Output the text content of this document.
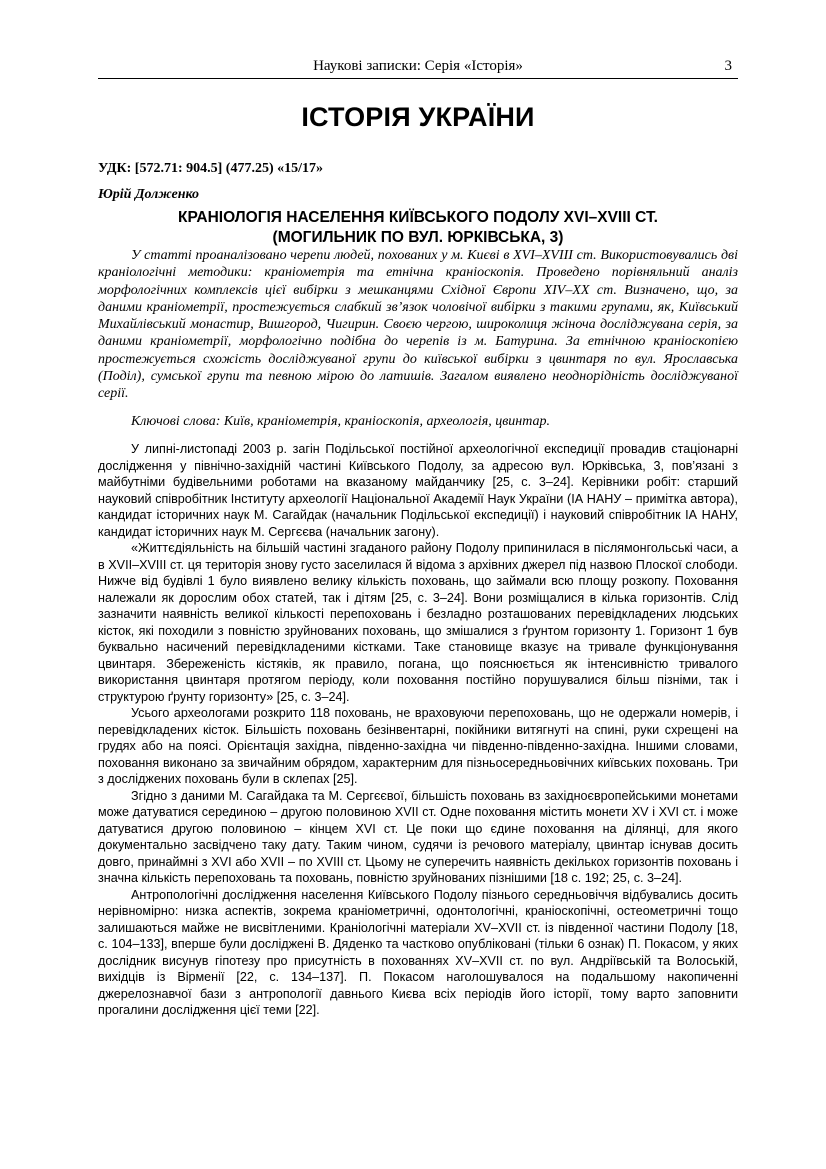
Наукові записки: Серія «Історія»	3
ІСТОРІЯ УКРАЇНИ
УДК: [572.71: 904.5] (477.25) «15/17»
Юрій Долженко
КРАНІОЛОГІЯ НАСЕЛЕННЯ КИЇВСЬКОГО ПОДОЛУ XVI–XVIII СТ.
(МОГИЛЬНИК ПО ВУЛ. ЮРКІВСЬКА, 3)

У статті проаналізовано черепи людей, похованих у м. Києві в XVI–XVIII ст. Використовувались дві краніологічні методики: краніометрія та етнічна краніоскопія. Проведено порівняльний аналіз морфологічних комплексів цієї вибірки з мешканцями Східної Європи XIV–XX ст. Визначено, що, за даними краніометрії, простежується слабкий зв’язок чоловічої вибірки з такими групами, як, Київський Михайлівський монастир, Вишгород, Чигирин. Своєю чергою, широколиця жіноча досліджувана серія, за даними краніометрії, морфологічно подібна до черепів із м. Батурина. За етнічною краніоскопією простежується схожість досліджуваної групи до київської вибірки з цвинтаря по вул. Ярославська (Поділ), сумської групи та певною мірою до латишів. Загалом виявлено неоднорідність досліджуваної серії.

Ключові слова: Київ, краніометрія, краніоскопія, археологія, цвинтар.

У липні-листопаді 2003 р. загін Подільської постійної археологічної експедиції провадив стаціонарні дослідження у північно-західній частині Київського Подолу, за адресою вул. Юрківська, 3, пов’язані з майбутніми будівельними роботами на вказаному майданчику [25, с. 3–24]. Керівники робіт: старший науковий співробітник Інституту археології Національної Академії Наук України (ІА НАНУ – примітка автора), кандидат історичних наук М. Сагайдак (начальник Подільської експедиції) і науковий співробітник ІА НАНУ, кандидат історичних наук М. Сергєєва (начальник загону).

«Життєдіяльність на більшій частині згаданого району Подолу припинилася в післямонгольські часи, а в XVII–XVIII ст. ця територія знову густо заселилася й відома з архівних джерел під назвою Плоскої слободи. Нижче від будівлі 1 було виявлено велику кількість поховань, що займали всю площу розкопу. Поховання належали як дорослим обох статей, так і дітям [25, с. 3–24]. Вони розміщалися в кілька горизонтів. Слід зазначити наявність великої кількості перепоховань і безладно розташованих перевідкладених людських кісток, які походили з повністю зруйнованих поховань, що змішалися з ґрунтом горизонту 1. Горизонт 1 був буквально насичений перевідкладеними кістками. Таке становище вказує на тривале функціонування цвинтаря. Збереженість кістяків, як правило, погана, що пояснюється як інтенсивністю тривалого використання цвинтаря протягом періоду, коли поховання постійно порушувалися більш пізніми, так і структурою ґрунту горизонту» [25, с. 3–24].

Усього археологами розкрито 118 поховань, не враховуючи перепоховань, що не одержали номерів, і перевідкладених кісток. Більшість поховань безінвентарні, покійники витягнуті на спині, руки схрещені на грудях або на поясі. Орієнтація західна, південно-західна чи південно-південно-західна. Іншими словами, поховання виконано за звичайним обрядом, характерним для пізньосередньовічних київських поховань. Три з досліджених поховань були в склепах [25].

Згідно з даними М. Сагайдака та М. Сергєєвої, більшість поховань вз західноєвропейськими монетами може датуватися серединою – другою половиною XVII ст. Одне поховання містить монети XV і XVI ст. і може датуватися другою половиною – кінцем XVI ст. Це поки що єдине поховання на ділянці, для якого документально засвідчено таку дату. Таким чином, судячи із речового матеріалу, цвинтар існував досить довго, принаймні з XVI або XVII – по XVIII ст. Цьому не суперечить наявність декількох горизонтів поховань і значна кількість перепоховань та поховань, повністю зруйнованих пізнішими [18 с. 192; 25, с. 3–24].

Антропологічні дослідження населення Київського Подолу пізнього середньовіччя відбувались досить нерівномірно: низка аспектів, зокрема краніометричні, одонтологічні, краніоскопічні, остеометричні тощо залишаються майже не висвітленими. Краніологічні матеріали XV–XVII ст. із південної частини Подолу [18, с. 104–133], вперше були досліджені В. Дяденко та частково опубліковані (тільки 6 ознак) П. Покасом, у яких дослідник висунув гіпотезу про присутність в похованнях XV–XVII ст. по вул. Андріївській та Волоській, вихідців із Вірменії [22, с. 134–137]. П. Покасом наголошувалося на подальшому накопиченні джерелознавчої бази з антропології давнього Києва всіх періодів його історії, тому варто заповнити прогалини дослідження цієї теми [22].
